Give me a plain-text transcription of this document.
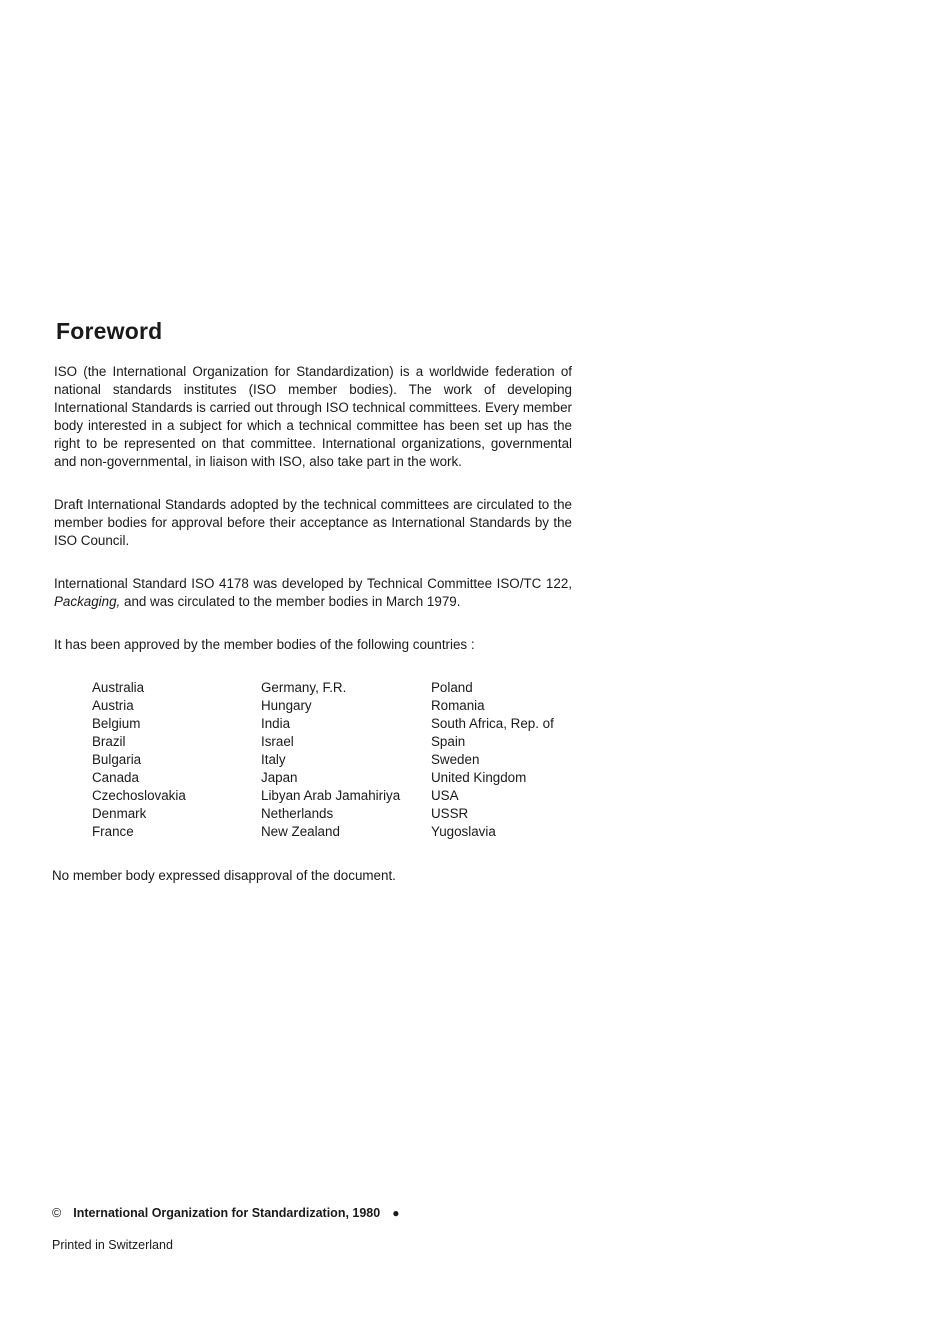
Foreword

ISO (the International Organization for Standardization) is a worldwide federation of national standards institutes (ISO member bodies). The work of developing International Standards is carried out through ISO technical committees. Every member body interested in a subject for which a technical committee has been set up has the right to be represented on that committee. International organizations, governmental and non-governmental, in liaison with ISO, also take part in the work.

Draft International Standards adopted by the technical committees are circulated to the member bodies for approval before their acceptance as International Standards by the ISO Council.

International Standard ISO 4178 was developed by Technical Committee ISO/TC 122, Packaging, and was circulated to the member bodies in March 1979.

It has been approved by the member bodies of the following countries :

Australia
Austria
Belgium
Brazil
Bulgaria
Canada
Czechoslovakia
Denmark
France
Germany, F.R.
Hungary
India
Israel
Italy
Japan
Libyan Arab Jamahiriya
Netherlands
New Zealand
Poland
Romania
South Africa, Rep. of
Spain
Sweden
United Kingdom
USA
USSR
Yugoslavia

No member body expressed disapproval of the document.

© International Organization for Standardization, 1980 ●
Printed in Switzerland
